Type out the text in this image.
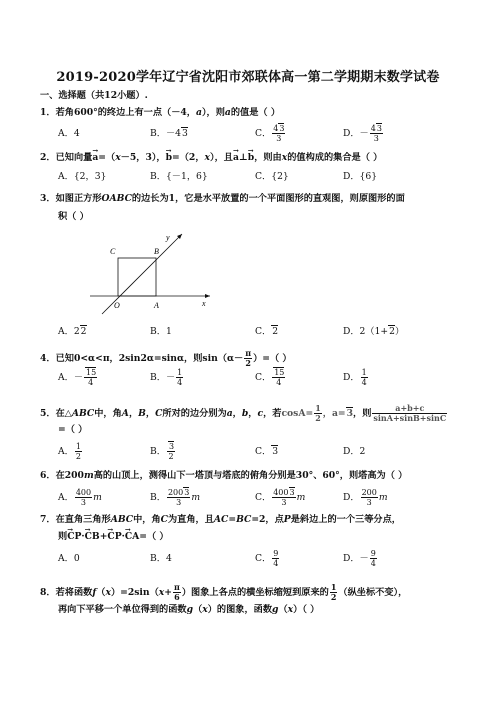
2019-2020学年辽宁省沈阳市郊联体高一第二学期期末数学试卷
一、选择题（共12小题）.
1．若角600°的终边上有一点（－4，a），则a的值是（ ）
A．4	B．－43	C． $\frac{43}{3}$	D．－ $\frac{43}{3}$
2．已知向量→ a=（x－5，3），→ b=（2，x），且→ a⊥→ b，则由x的值构成的集合是（ ）
A．{2，3}	B．{－1，6}	C．{2}	D．{6}
3．如图正方形OABC的边长为1，它是水平放置的一个平面图形的直观图，则原图形的面
积（ ）
C	B
O	A	x
y
A．22	B．1	C．2	D．2（1+2）
4．已知0<α<π，2sin2α=sinα，则$\sin(\alpha- \frac{\pi}{2}$ ）=（ ）
A．－ $\frac{15}{4}$	B．－ $\frac{1}{4}$	C． $\frac{15}{4}$	D． $\frac{1}{4}$
5．在△ABC中，角A，B，C所对的边分别为a，b，c，若$\cos A= \frac{1}{2}$ ，a=3，则 $\frac{a+b+c}{\sin A+\sin B+\sin C}$
=（ ）
A． $\frac{1}{2}$	B． $\frac{3}{2}$	C．3	D．2
6．在200m高的山顶上，测得山下一塔顶与塔底的俯角分别是30°、60°，则塔高为（ ）
A． $\frac{400}{3}$ m	B． $\frac{2003}{3}$ m	C． $\frac{4003}{3}$ m	D． $\frac{200}{3}$ m
7．在直角三角形ABC中，角C为直角，且AC=BC=2，点P是斜边上的一个三等分点，
则→ CP·→ CB+→ CP·→ CA=（ ）
A．0	B．4	C． $\frac{9}{4}$	D．－ $\frac{9}{4}$
8．若将函数$f(x)=2\sin(x+ \frac{\pi}{6}$ ）图象上各点的横坐标缩短到原来的 $\frac{1}{2}$ （纵坐标不变），
再向下平移一个单位得到的函数g（x）的图象，函数g（x）（ ）
